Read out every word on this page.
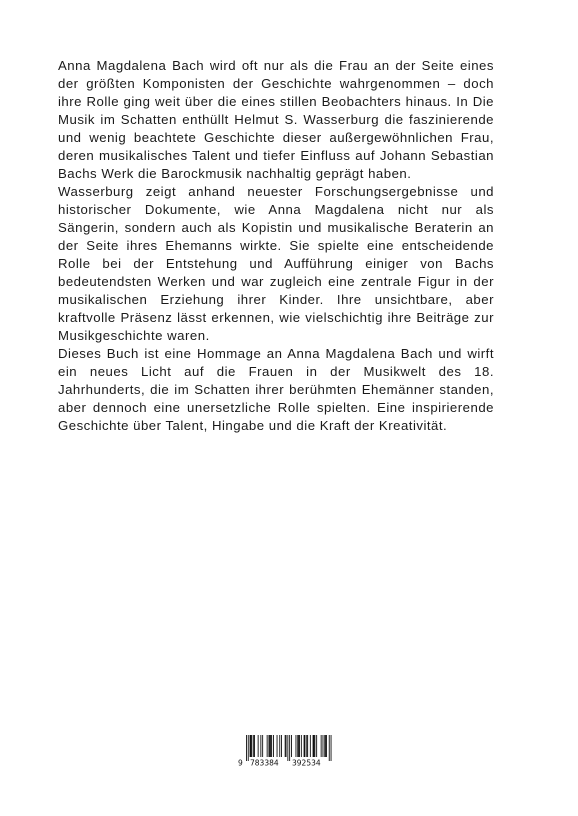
Anna Magdalena Bach wird oft nur als die Frau an der Seite eines der größten Komponisten der Geschichte wahrgenommen – doch ihre Rolle ging weit über die eines stillen Beobachters hinaus. In Die Musik im Schatten enthüllt Helmut S. Wasserburg die faszinierende und wenig beachtete Geschichte dieser außergewöhnlichen Frau, deren musikalisches Talent und tiefer Einfluss auf Johann Sebastian Bachs Werk die Barockmusik nachhaltig geprägt haben.

Wasserburg zeigt anhand neuester Forschungsergebnisse und historischer Dokumente, wie Anna Magdalena nicht nur als Sängerin, sondern auch als Kopistin und musikalische Beraterin an der Seite ihres Ehemanns wirkte. Sie spielte eine entscheidende Rolle bei der Entstehung und Aufführung einiger von Bachs bedeutendsten Werken und war zugleich eine zentrale Figur in der musikalischen Erziehung ihrer Kinder. Ihre unsichtbare, aber kraftvolle Präsenz lässt erkennen, wie vielschichtig ihre Beiträge zur Musikgeschichte waren.

Dieses Buch ist eine Hommage an Anna Magdalena Bach und wirft ein neues Licht auf die Frauen in der Musikwelt des 18. Jahrhunderts, die im Schatten ihrer berühmten Ehemänner standen, aber dennoch eine unersetzliche Rolle spielten. Eine inspirierende Geschichte über Talent, Hingabe und die Kraft der Kreativität.

9 783384 392534
